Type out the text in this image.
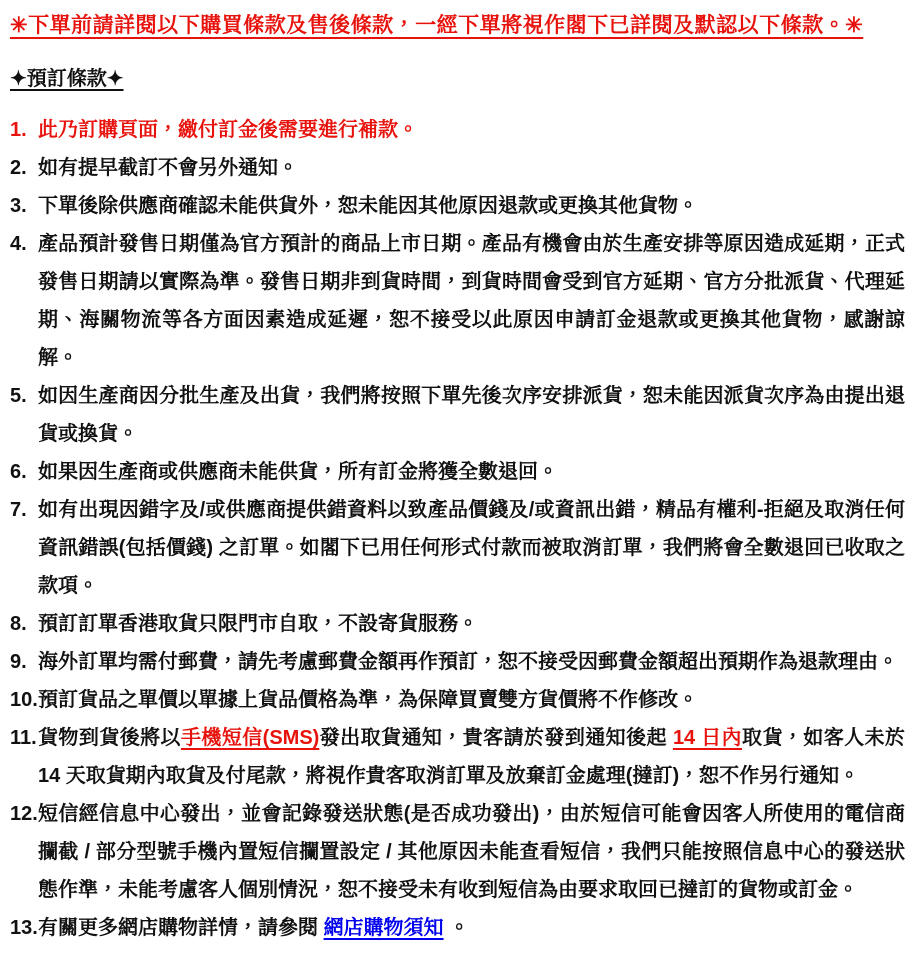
✳下單前請詳閱以下購買條款及售後條款，一經下單將視作閣下已詳閱及默認以下條款。✳
✦預訂條款✦
此乃訂購頁面，繳付訂金後需要進行補款。
如有提早截訂不會另外通知。
下單後除供應商確認未能供貨外，恕未能因其他原因退款或更換其他貨物。
產品預計發售日期僅為官方預計的商品上市日期。產品有機會由於生產安排等原因造成延期，正式發售日期請以實際為準。發售日期非到貨時間，到貨時間會受到官方延期、官方分批派貨、代理延期、海關物流等各方面因素造成延遲，恕不接受以此原因申請訂金退款或更換其他貨物，感謝諒解。
如因生產商因分批生產及出貨，我們將按照下單先後次序安排派貨，恕未能因派貨次序為由提出退貨或換貨。
如果因生產商或供應商未能供貨，所有訂金將獲全數退回。
如有出現因錯字及/或供應商提供錯資料以致產品價錢及/或資訊出錯，精品有權利-拒絕及取消任何資訊錯誤(包括價錢) 之訂單。如閣下已用任何形式付款而被取消訂單，我們將會全數退回已收取之款項。
預訂訂單香港取貨只限門市自取，不設寄貨服務。
海外訂單均需付郵費，請先考慮郵費金額再作預訂，恕不接受因郵費金額超出預期作為退款理由。
預訂貨品之單價以單據上貨品價格為準，為保障買賣雙方貨價將不作修改。
貨物到貨後將以手機短信(SMS)發出取貨通知，貴客請於發到通知後起 14 日內取貨，如客人未於 14 天取貨期內取貨及付尾款，將視作貴客取消訂單及放棄訂金處理(撻訂)，恕不作另行通知。
短信經信息中心發出，並會記錄發送狀態(是否成功發出)，由於短信可能會因客人所使用的電信商攔截 / 部分型號手機內置短信攔置設定 / 其他原因未能查看短信，我們只能按照信息中心的發送狀態作準，未能考慮客人個別情況，恕不接受未有收到短信為由要求取回已撻訂的貨物或訂金。
有關更多網店購物詳情，請參閱 網店購物須知 。
